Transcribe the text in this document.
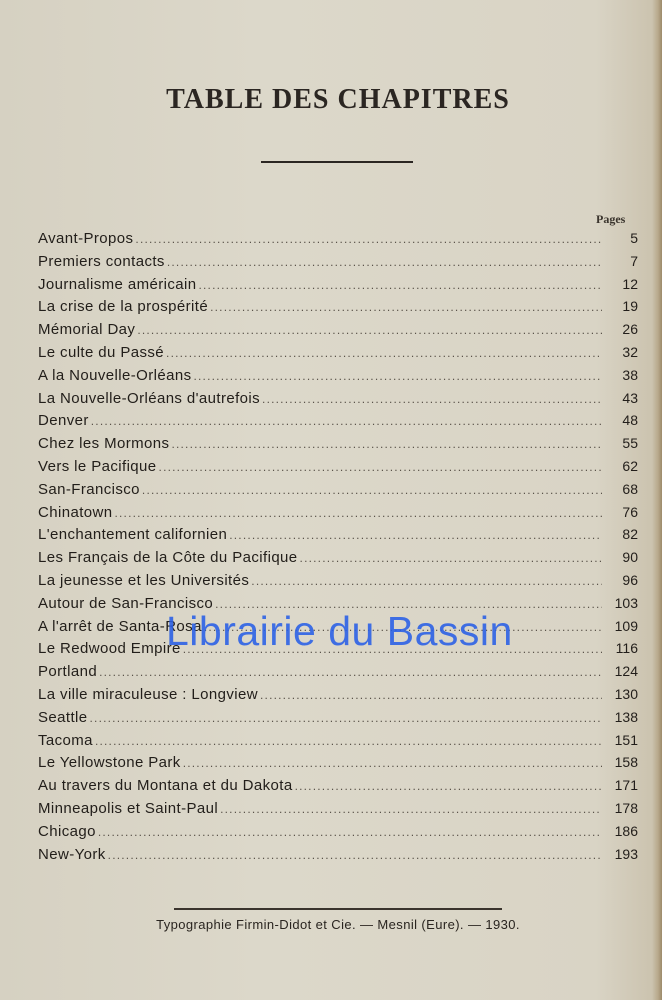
TABLE DES CHAPITRES
Pages
Avant-Propos .....	5
Premiers contacts .....	7
Journalisme américain .....	12
La crise de la prospérité .....	19
Mémorial Day .....	26
Le culte du Passé .....	32
A la Nouvelle-Orléans .....	38
La Nouvelle-Orléans d'autrefois .....	43
Denver .....	48
Chez les Mormons .....	55
Vers le Pacifique .....	62
San-Francisco .....	68
Chinatown .....	76
L'enchantement californien .....	82
Les Français de la Côte du Pacifique .....	90
La jeunesse et les Universités .....	96
Autour de San-Francisco .....	103
A l'arrêt de Santa-Rosa .....	109
Le Redwood Empire .....	116
Portland .....	124
La ville miraculeuse : Longview .....	130
Seattle .....	138
Tacoma .....	151
Le Yellowstone Park .....	158
Au travers du Montana et du Dakota .....	171
Minneapolis et Saint-Paul .....	178
Chicago .....	186
New-York .....	193
Librairie du Bassin
Typographie Firmin-Didot et Cie. — Mesnil (Eure). — 1930.
